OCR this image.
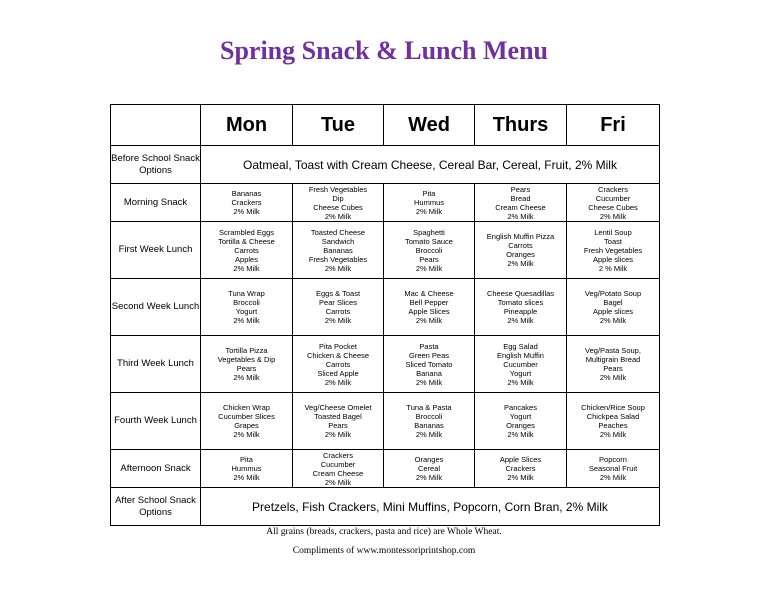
Spring Snack & Lunch Menu
	Mon	Tue	Wed	Thurs	Fri
Before School Snack Options	Oatmeal, Toast with Cream Cheese, Cereal Bar, Cereal, Fruit, 2% Milk				
Morning Snack	Bananas
Crackers
2% Milk	Fresh Vegetables
Dip
Cheese Cubes
2% Milk	Pita
Hummus
2% Milk	Pears
Bread
Cream Cheese
2% Milk	Crackers
Cucumber
Cheese Cubes
2% Milk

First Week Lunch	Scrambled Eggs
Tortilla & Cheese
Carrots
Apples
2% Milk	Toasted Cheese
Sandwich
Bananas
Fresh Vegetables
2% Milk	Spaghetti
Tomato Sauce
Broccoli
Pears
2% Milk	English Muffin Pizza
Carrots
Oranges
2% Milk	Lentil Soup
Toast
Fresh Vegetables
Apple slices
2 % Milk

Second Week Lunch	Tuna Wrap
Broccoli
Yogurt
2% Milk	Eggs & Toast
Pear Slices
Carrots
2% Milk	Mac & Cheese
Bell Pepper
Apple Slices
2% Milk	Cheese Quesadillas
Tomato slices
Pineapple
2% Milk	Veg/Potato Soup
Bagel
Apple slices
2% Milk

Third Week Lunch	Tortilla Pizza
Vegetables & Dip
Pears
2% Milk	Pita Pocket
Chicken & Cheese
Carrots
Sliced Apple
2% Milk	Pasta
Green Peas
Sliced Tomato
Banana
2% Milk	Egg Salad
English Muffin
Cucumber
Yogurt
2% Milk	Veg/Pasta Soup,
Multigrain Bread
Pears
2% Milk

Fourth Week Lunch	Chicken Wrap
Cucumber Slices
Grapes
2% Milk	Veg/Cheese Omelet
Toasted Bagel
Pears
2% Milk	Tuna & Pasta
Broccoli
Bananas
2% Milk	Pancakes
Yogurt
Oranges
2% Milk	Chicken/Rice Soup
Chickpea Salad
Peaches
2% Milk

Afternoon Snack	Pita
Hummus
2% Milk	Crackers
Cucumber
Cream Cheese
2% Milk	Oranges
Cereal
2% Milk	Apple Slices
Crackers
2% Milk	Popcorn
Seasonal Fruit
2% Milk

After School Snack Options	Pretzels, Fish Crackers, Mini Muffins, Popcorn, Corn Bran, 2% Milk				
All grains (breads, crackers, pasta and rice) are Whole Wheat.
Compliments of www.montessoriprintshop.com
